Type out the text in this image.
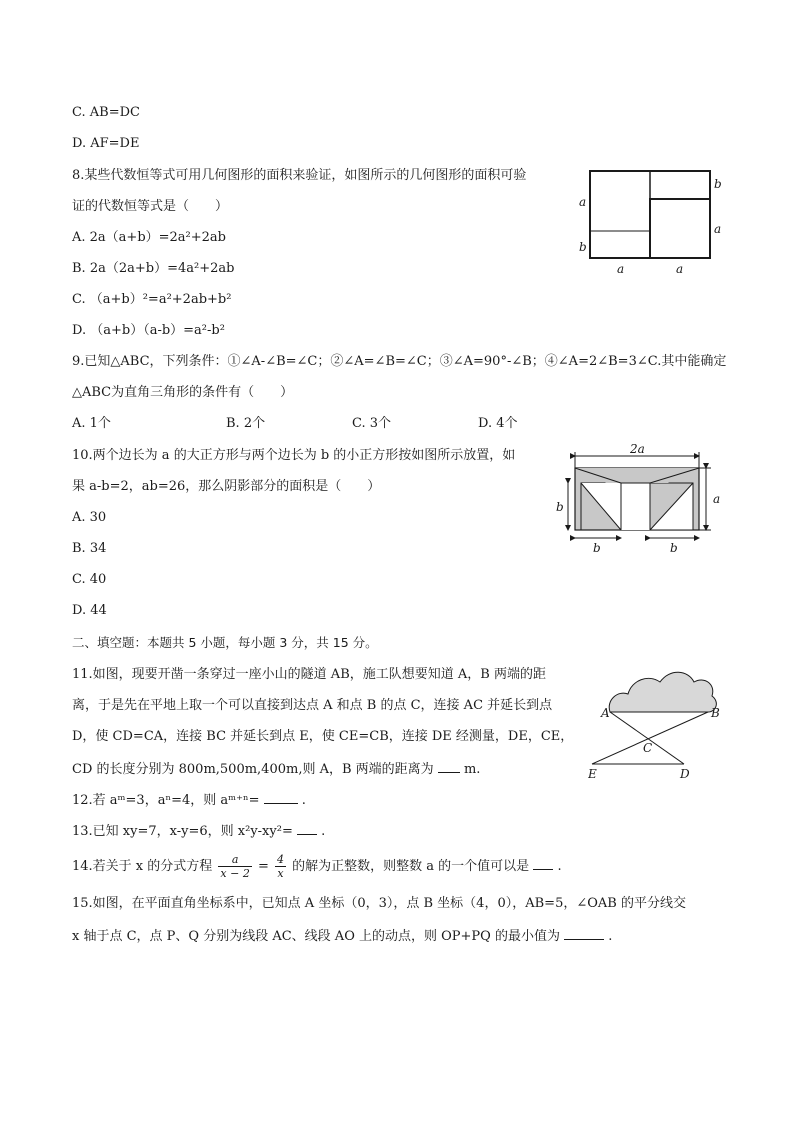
C. AB=DC
D. AF=DE
8.某些代数恒等式可用几何图形的面积来验证，如图所示的几何图形的面积可验
证的代数恒等式是（　　）
A. 2a（a+b）=2a²+2ab
B. 2a（2a+b）=4a²+2ab
C. （a+b）²=a²+2ab+b²
D. （a+b）（a-b）=a²-b²
a
b
b
a
a	a
9.已知△ABC，下列条件：①∠A-∠B=∠C；②∠A=∠B=∠C；③∠A=90°-∠B；④∠A=2∠B=3∠C.其中能确定
△ABC为直角三角形的条件有（　　）
A. 1个	B. 2个	C. 3个	D. 4个
10.两个边长为 a 的大正方形与两个边长为 b 的小正方形按如图所示放置，如
果 a-b=2，ab=26，那么阴影部分的面积是（　　）
A. 30
B. 34
C. 40
D. 44
2a
b
a
b	b
二、填空题：本题共 5 小题，每小题 3 分，共 15 分。
11.如图，现要开凿一条穿过一座小山的隧道 AB，施工队想要知道 A，B 两端的距
离，于是先在平地上取一个可以直接到达点 A 和点 B 的点 C，连接 AC 并延长到点
D，使 CD=CA，连接 BC 并延长到点 E，使 CE=CB，连接 DE 经测量，DE，CE，
CD 的长度分别为 800m,500m,400m,则 A，B 两端的距离为 m.
A	B
C
E	D
12.若 aᵐ=3，aⁿ=4，则 aᵐ⁺ⁿ=	.
13.已知 xy=7，x-y=6，则 x²y-xy²= .
14.若关于 x 的分式方程 $\frac{a}{x - 2} = \frac{4}{x}$ 的解为正整数，则整数 a 的一个值可以是 .
15.如图，在平面直角坐标系中，已知点 A 坐标（0，3），点 B 坐标（4，0），AB=5，∠OAB 的平分线交
x 轴于点 C，点 P、Q 分别为线段 AC、线段 AO 上的动点，则 OP+PQ 的最小值为	.
